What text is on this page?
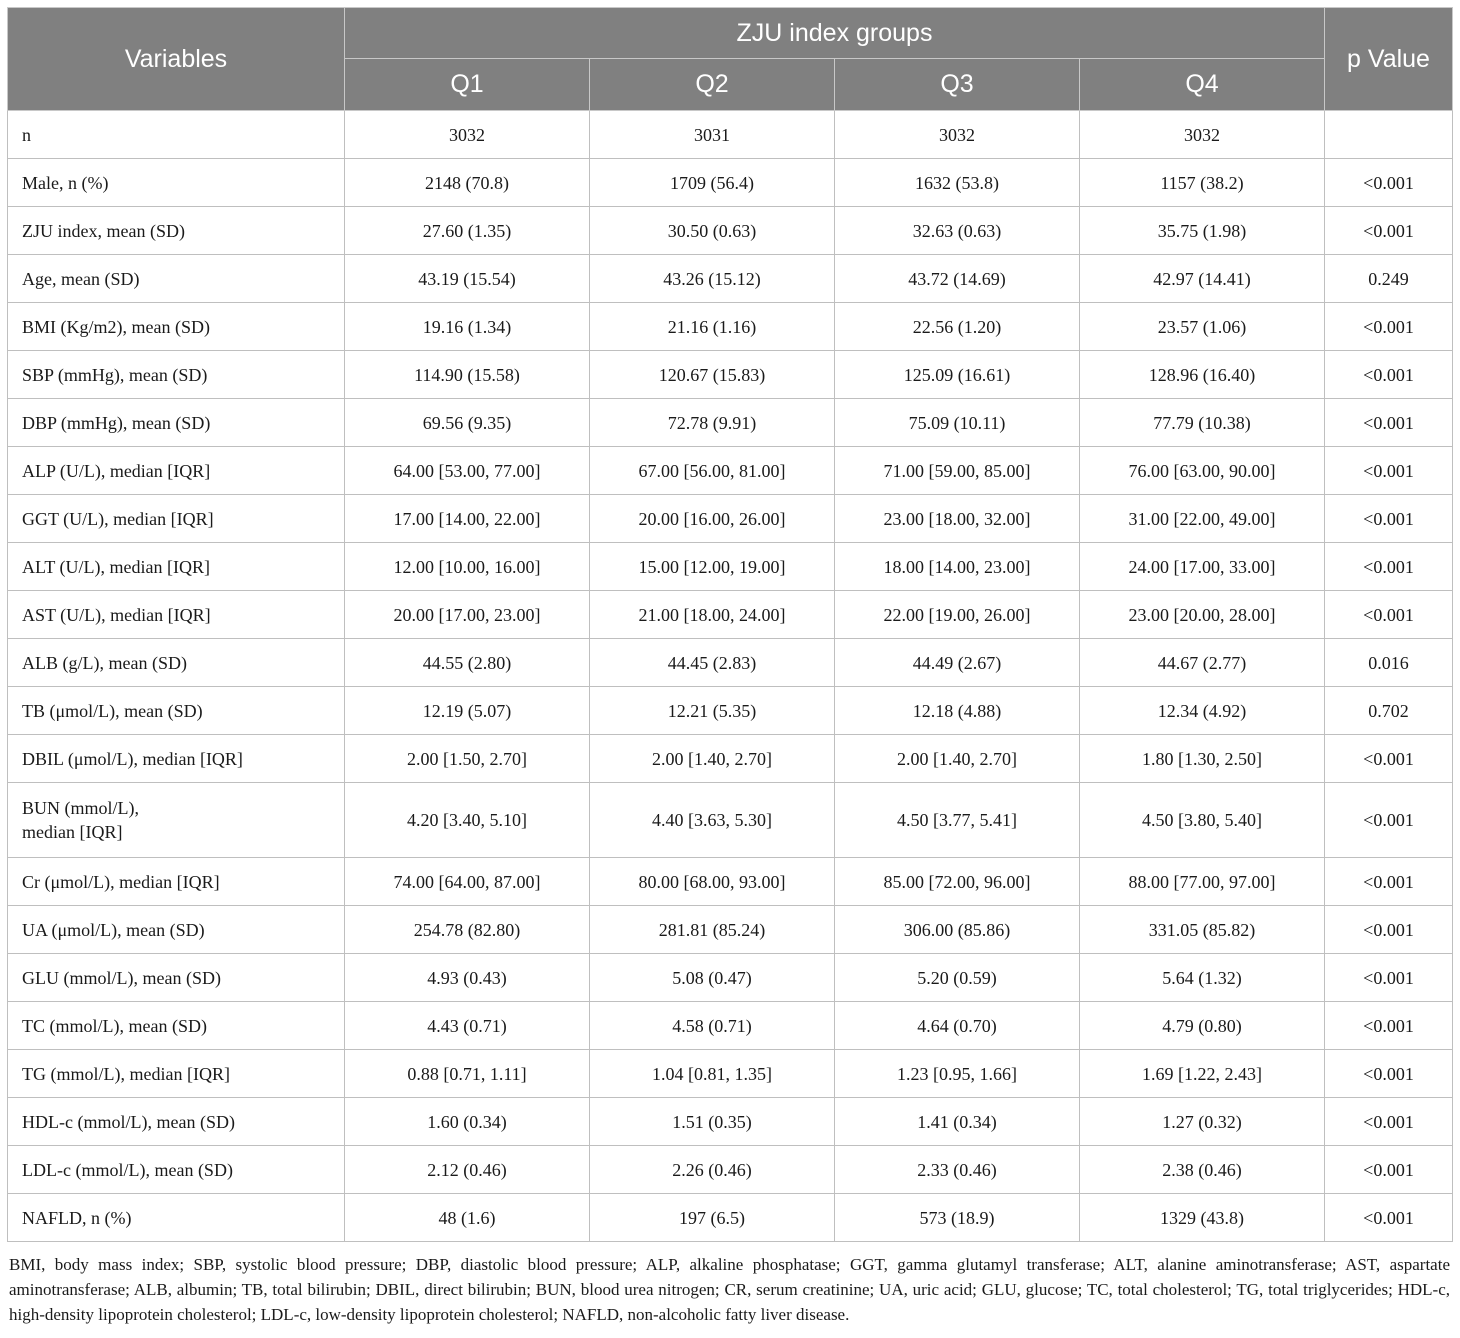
Variables	ZJU index groups				p Value
	Q1	Q2	Q3	Q4	
n	3032	3031	3032	3032	
Male, n (%)	2148 (70.8)	1709 (56.4)	1632 (53.8)	1157 (38.2)	<0.001
ZJU index, mean (SD)	27.60 (1.35)	30.50 (0.63)	32.63 (0.63)	35.75 (1.98)	<0.001
Age, mean (SD)	43.19 (15.54)	43.26 (15.12)	43.72 (14.69)	42.97 (14.41)	0.249
BMI (Kg/m2), mean (SD)	19.16 (1.34)	21.16 (1.16)	22.56 (1.20)	23.57 (1.06)	<0.001
SBP (mmHg), mean (SD)	114.90 (15.58)	120.67 (15.83)	125.09 (16.61)	128.96 (16.40)	<0.001
DBP (mmHg), mean (SD)	69.56 (9.35)	72.78 (9.91)	75.09 (10.11)	77.79 (10.38)	<0.001
ALP (U/L), median [IQR]	64.00 [53.00, 77.00]	67.00 [56.00, 81.00]	71.00 [59.00, 85.00]	76.00 [63.00, 90.00]	<0.001
GGT (U/L), median [IQR]	17.00 [14.00, 22.00]	20.00 [16.00, 26.00]	23.00 [18.00, 32.00]	31.00 [22.00, 49.00]	<0.001
ALT (U/L), median [IQR]	12.00 [10.00, 16.00]	15.00 [12.00, 19.00]	18.00 [14.00, 23.00]	24.00 [17.00, 33.00]	<0.001
AST (U/L), median [IQR]	20.00 [17.00, 23.00]	21.00 [18.00, 24.00]	22.00 [19.00, 26.00]	23.00 [20.00, 28.00]	<0.001
ALB (g/L), mean (SD)	44.55 (2.80)	44.45 (2.83)	44.49 (2.67)	44.67 (2.77)	0.016
TB (μmol/L), mean (SD)	12.19 (5.07)	12.21 (5.35)	12.18 (4.88)	12.34 (4.92)	0.702
DBIL (μmol/L), median [IQR]	2.00 [1.50, 2.70]	2.00 [1.40, 2.70]	2.00 [1.40, 2.70]	1.80 [1.30, 2.50]	<0.001
BUN (mmol/L),
median [IQR]	4.20 [3.40, 5.10]	4.40 [3.63, 5.30]	4.50 [3.77, 5.41]	4.50 [3.80, 5.40]	<0.001
Cr (μmol/L), median [IQR]	74.00 [64.00, 87.00]	80.00 [68.00, 93.00]	85.00 [72.00, 96.00]	88.00 [77.00, 97.00]	<0.001
UA (μmol/L), mean (SD)	254.78 (82.80)	281.81 (85.24)	306.00 (85.86)	331.05 (85.82)	<0.001
GLU (mmol/L), mean (SD)	4.93 (0.43)	5.08 (0.47)	5.20 (0.59)	5.64 (1.32)	<0.001
TC (mmol/L), mean (SD)	4.43 (0.71)	4.58 (0.71)	4.64 (0.70)	4.79 (0.80)	<0.001
TG (mmol/L), median [IQR]	0.88 [0.71, 1.11]	1.04 [0.81, 1.35]	1.23 [0.95, 1.66]	1.69 [1.22, 2.43]	<0.001
HDL-c (mmol/L), mean (SD)	1.60 (0.34)	1.51 (0.35)	1.41 (0.34)	1.27 (0.32)	<0.001
LDL-c (mmol/L), mean (SD)	2.12 (0.46)	2.26 (0.46)	2.33 (0.46)	2.38 (0.46)	<0.001
NAFLD, n (%)	48 (1.6)	197 (6.5)	573 (18.9)	1329 (43.8)	<0.001
BMI, body mass index; SBP, systolic blood pressure; DBP, diastolic blood pressure; ALP, alkaline phosphatase; GGT, gamma glutamyl transferase; ALT, alanine aminotransferase; AST, aspartate aminotransferase; ALB, albumin; TB, total bilirubin; DBIL, direct bilirubin; BUN, blood urea nitrogen; CR, serum creatinine; UA, uric acid; GLU, glucose; TC, total cholesterol; TG, total triglycerides; HDL-c, high-density lipoprotein cholesterol; LDL-c, low-density lipoprotein cholesterol; NAFLD, non-alcoholic fatty liver disease.
